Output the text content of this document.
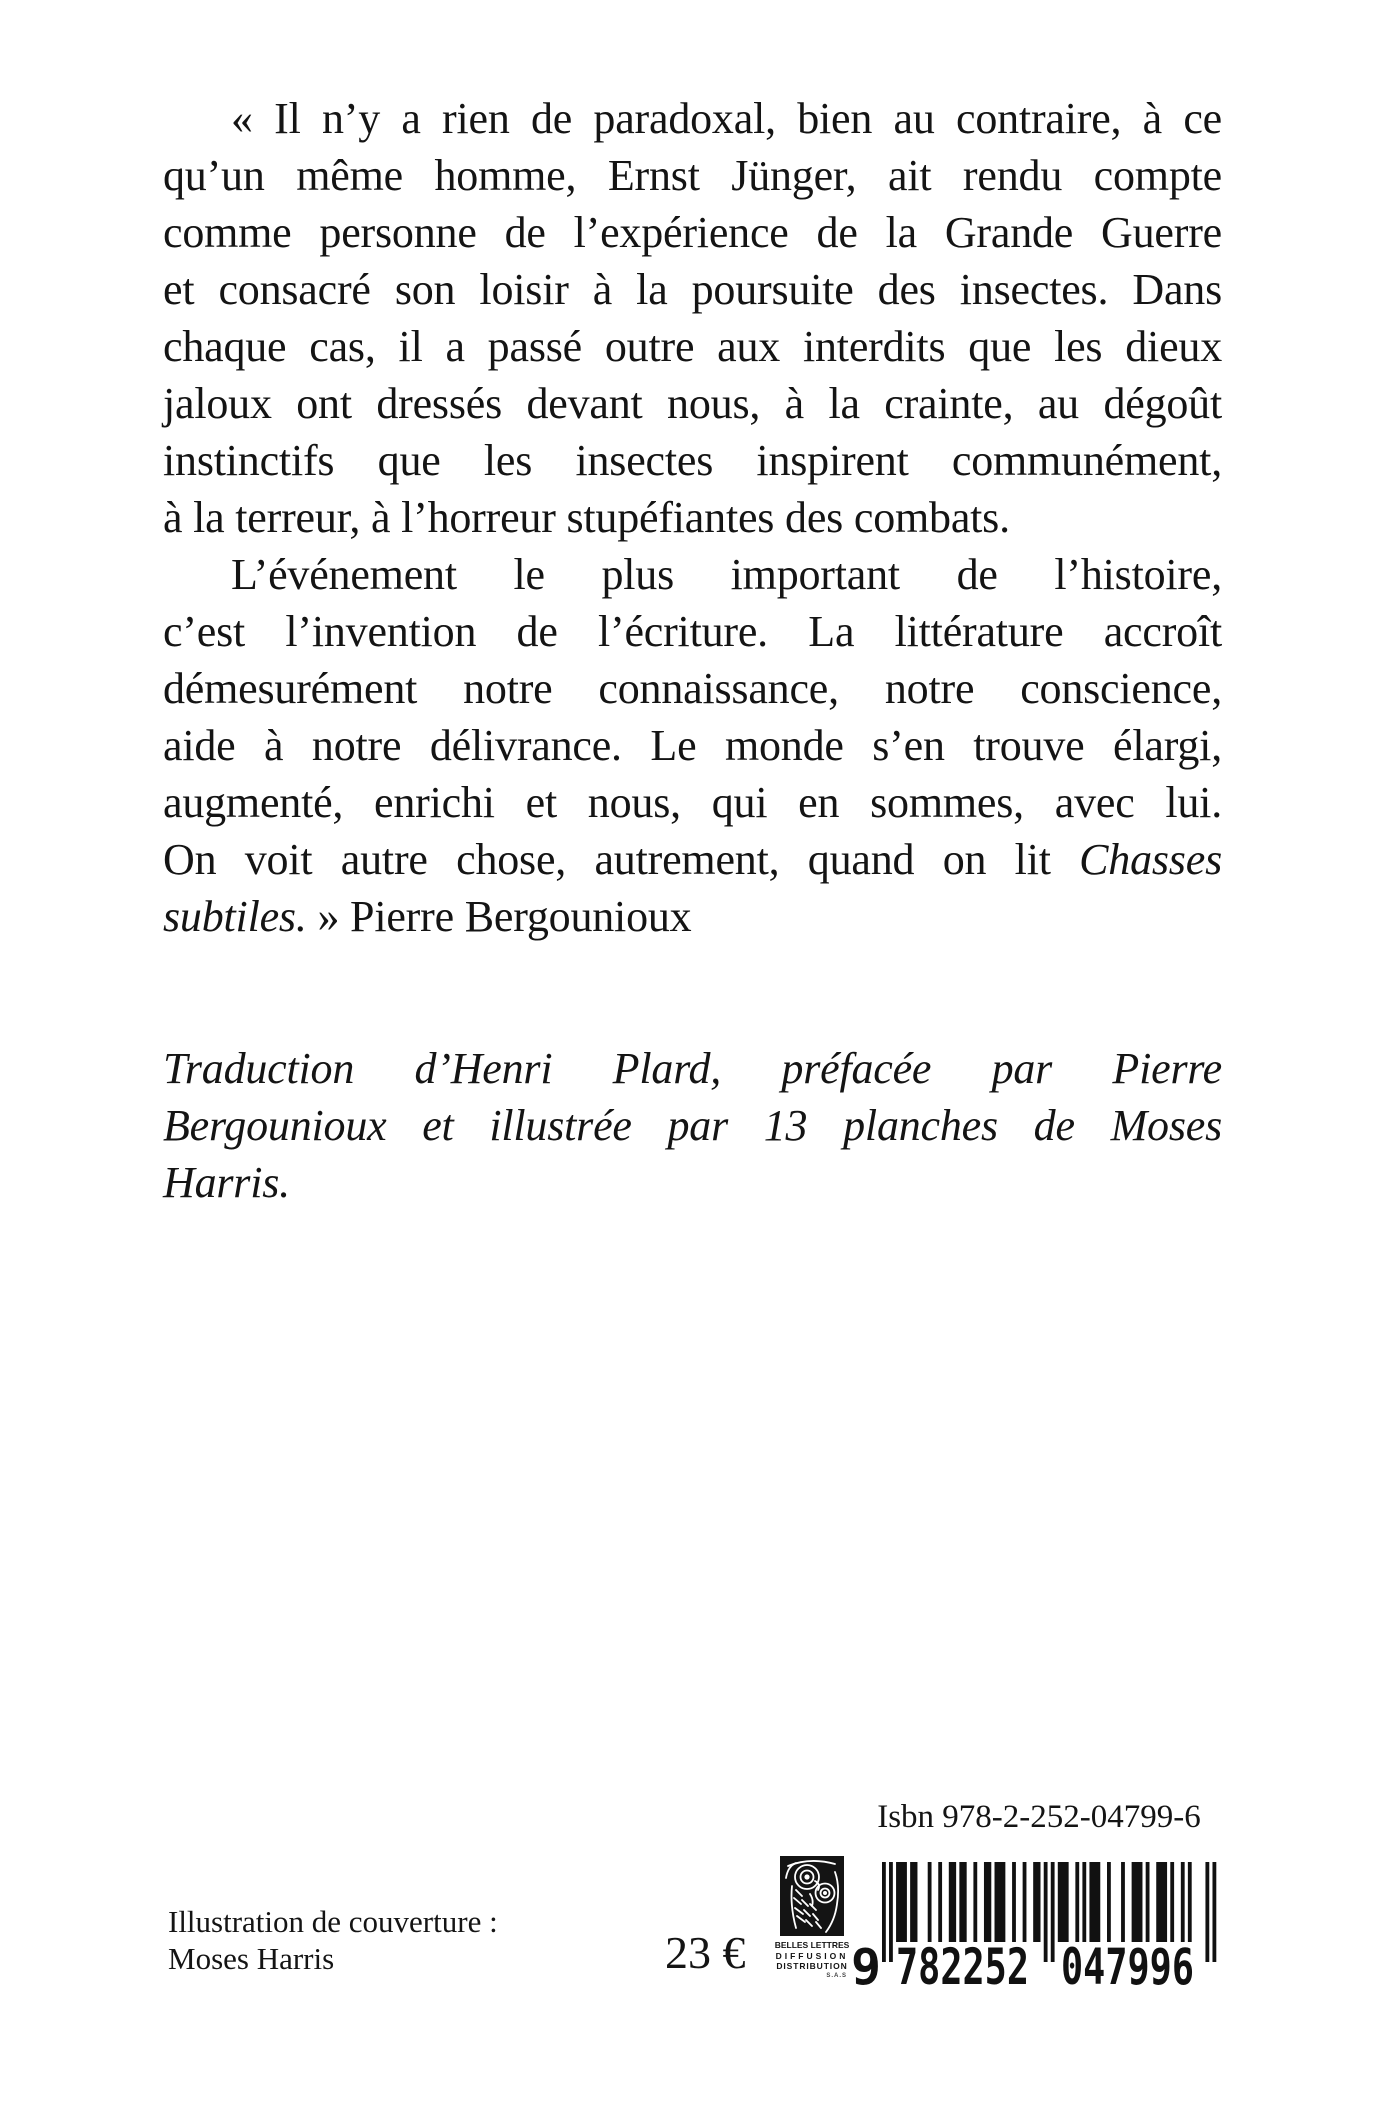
« Il n’y a rien de paradoxal, bien au contraire, à ce
qu’un même homme, Ernst Jünger, ait rendu compte
comme personne de l’expérience de la Grande Guerre
et consacré son loisir à la poursuite des insectes. Dans
chaque cas, il a passé outre aux interdits que les dieux
jaloux ont dressés devant nous, à la crainte, au dégoût
instinctifs que les insectes inspirent communément,
à la terreur, à l’horreur stupéfiantes des combats.
L’événement le plus important de l’histoire,
c’est l’invention de l’écriture. La littérature accroît
démesurément notre connaissance, notre conscience,
aide à notre délivrance. Le monde s’en trouve élargi,
augmenté, enrichi et nous, qui en sommes, avec lui.
On voit autre chose, autrement, quand on lit Chasses
subtiles. » Pierre Bergounioux
Traduction d’Henri Plard, préfacée par Pierre
Bergounioux et illustrée par 13 planches de Moses
Harris.
Isbn 978-2-252-04799-6
BELLES LETTRES
DIFFUSION
DISTRIBUTION
S.A.S
23 € 9 782252 047996
Illustration de couverture :
Moses Harris
